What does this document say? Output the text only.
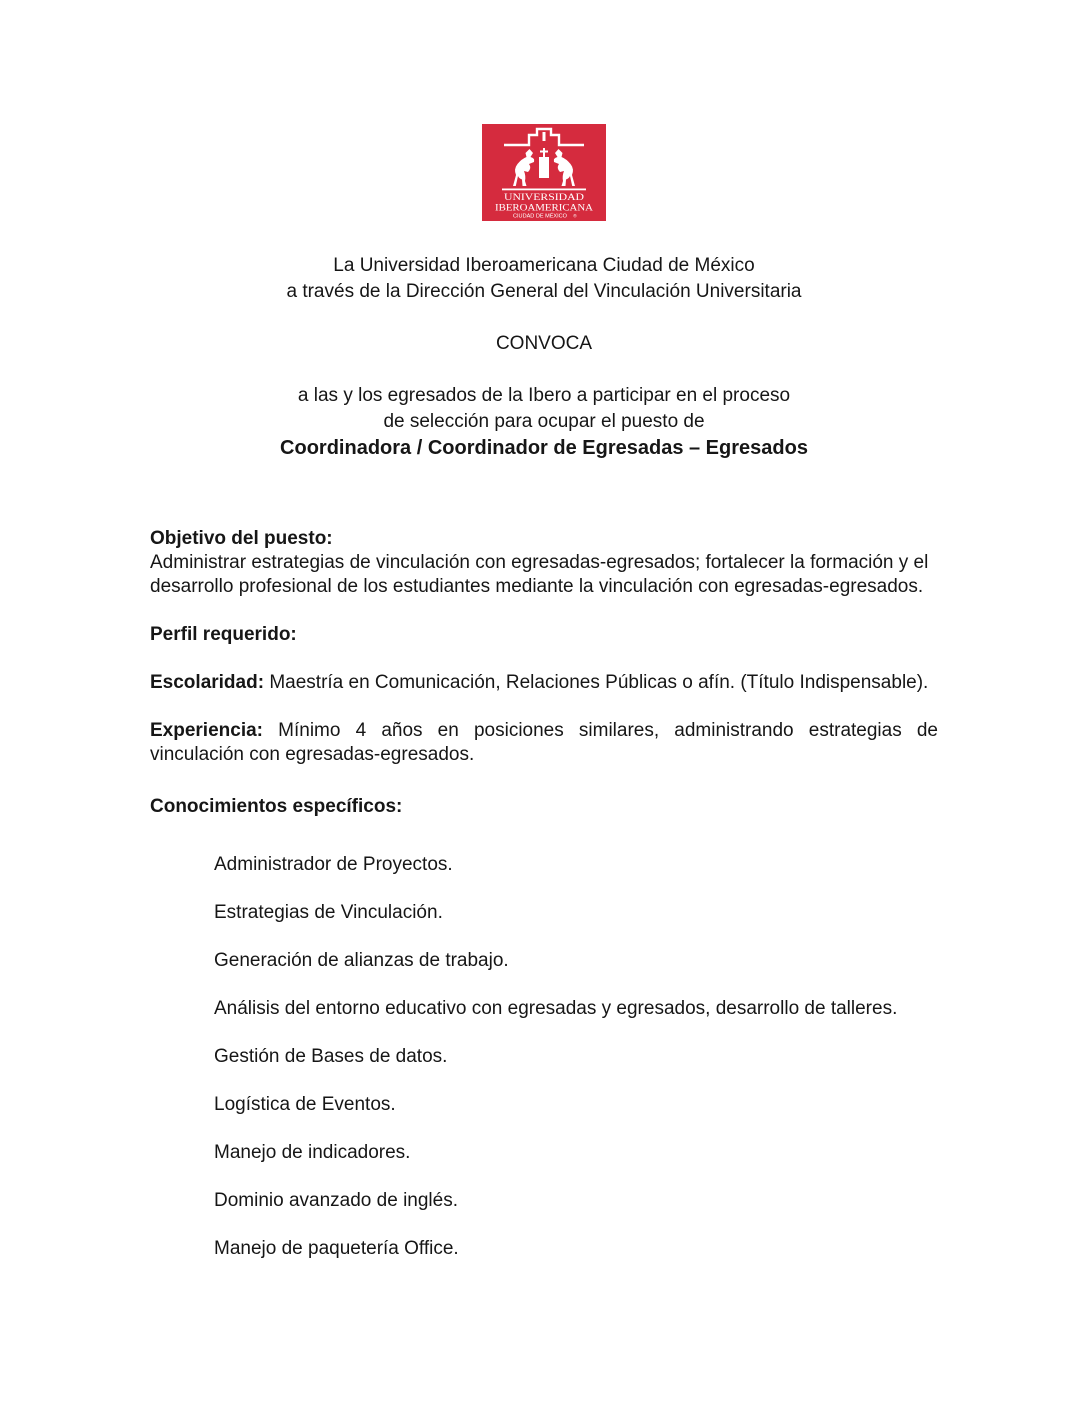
UNIVERSIDAD
IBEROAMERICANA
CIUDAD DE MÉXICO	®
La Universidad Iberoamericana Ciudad de México
a través de la Dirección General del Vinculación Universitaria
CONVOCA
a las y los egresados de la Ibero a participar en el proceso
de selección para ocupar el puesto de
Coordinadora / Coordinador de Egresadas – Egresados
Objetivo del puesto:

Administrar estrategias de vinculación con egresadas-egresados; fortalecer la formación y el desarrollo profesional de los estudiantes mediante la vinculación con egresadas-egresados.

Perfil requerido:

Escolaridad: Maestría en Comunicación, Relaciones Públicas o afín. (Título Indispensable).

Experiencia: Mínimo 4 años en posiciones similares, administrando estrategias de vinculación con egresadas-egresados.

Conocimientos específicos:

Administrador de Proyectos.

Estrategias de Vinculación.

Generación de alianzas de trabajo.

Análisis del entorno educativo con egresadas y egresados, desarrollo de talleres.

Gestión de Bases de datos.

Logística de Eventos.

Manejo de indicadores.

Dominio avanzado de inglés.

Manejo de paquetería Office.
